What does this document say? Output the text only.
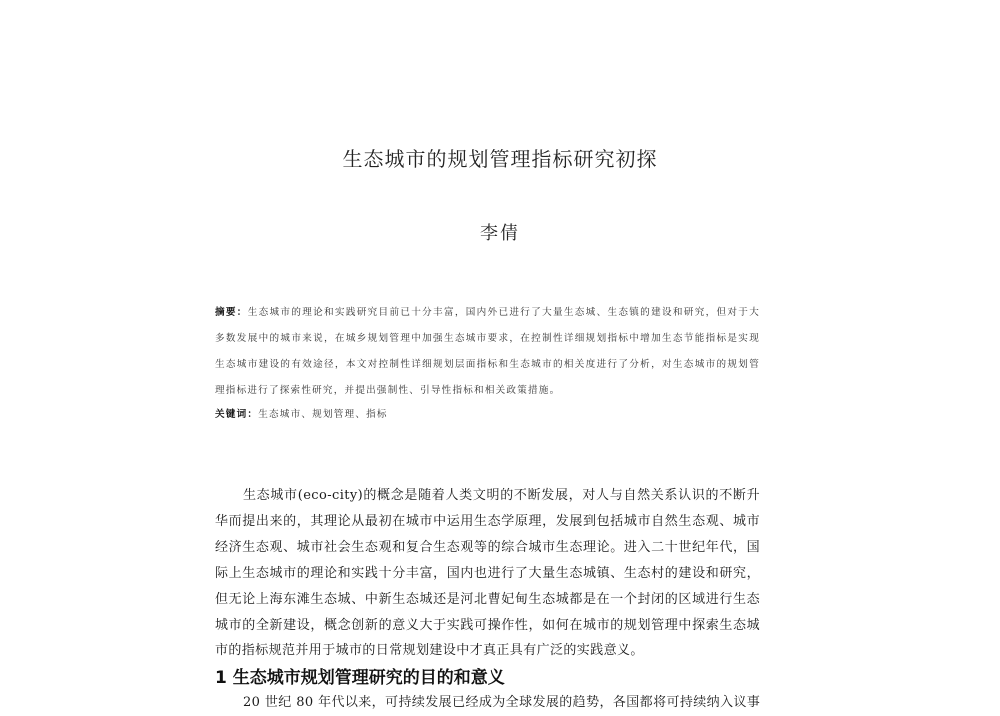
生态城市的规划管理指标研究初探
李倩
摘要：生态城市的理论和实践研究目前已十分丰富，国内外已进行了大量生态城、生态镇的建设和研究，但对于大多数发展中的城市来说，在城乡规划管理中加强生态城市要求，在控制性详细规划指标中增加生态节能指标是实现生态城市建设的有效途径，本文对控制性详细规划层面指标和生态城市的相关度进行了分析，对生态城市的规划管理指标进行了探索性研究，并提出强制性、引导性指标和相关政策措施。
关键词：生态城市、规划管理、指标

生态城市(eco-city)的概念是随着人类文明的不断发展，对人与自然关系认识的不断升华而提出来的，其理论从最初在城市中运用生态学原理，发展到包括城市自然生态观、城市经济生态观、城市社会生态观和复合生态观等的综合城市生态理论。进入二十世纪年代，国际上生态城市的理论和实践十分丰富，国内也进行了大量生态城镇、生态村的建设和研究，但无论上海东滩生态城、中新生态城还是河北曹妃甸生态城都是在一个封闭的区域进行生态城市的全新建设，概念创新的意义大于实践可操作性，如何在城市的规划管理中探索生态城市的指标规范并用于城市的日常规划建设中才真正具有广泛的实践意义。

1 生态城市规划管理研究的目的和意义

20 世纪 80 年代以来，可持续发展已经成为全球发展的趋势，各国都将可持续纳入议事
